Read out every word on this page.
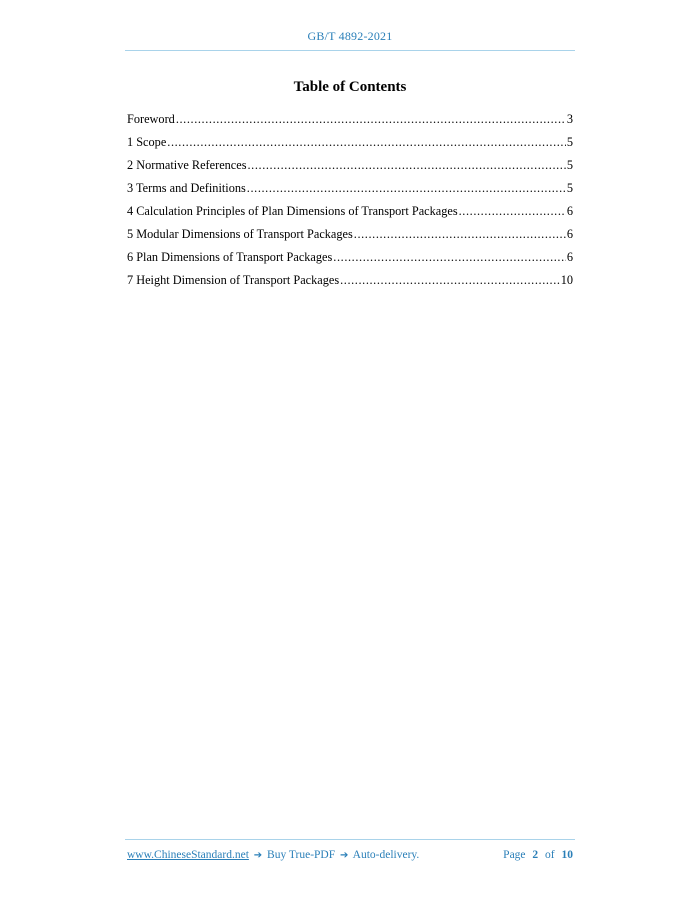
GB/T 4892-2021
Table of Contents
Foreword .....	3
1 Scope .....	5
2 Normative References .....	5
3 Terms and Definitions .....	5
4 Calculation Principles of Plan Dimensions of Transport Packages .....	6
5 Modular Dimensions of Transport Packages .....	6
6 Plan Dimensions of Transport Packages .....	6
7 Height Dimension of Transport Packages .....	10
www.ChineseStandard.net ➔ Buy True-PDF ➔ Auto-delivery.	Page 2 of 10
